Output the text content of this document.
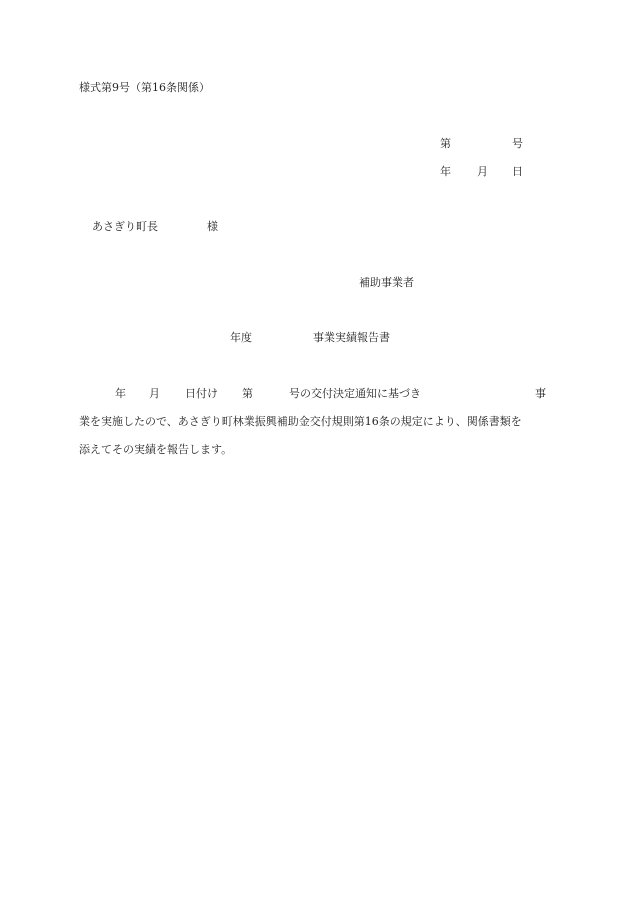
様式第9号（第16条関係）
第	号
年 月 日
あさぎり町長	様
補助事業者
年度	事業実績報告書
年 月 日付け 第	号の交付決定通知に基づき	事
業を実施したので、あさぎり町林業振興補助金交付規則第16条の規定により、関係書類を
添えてその実績を報告します。
